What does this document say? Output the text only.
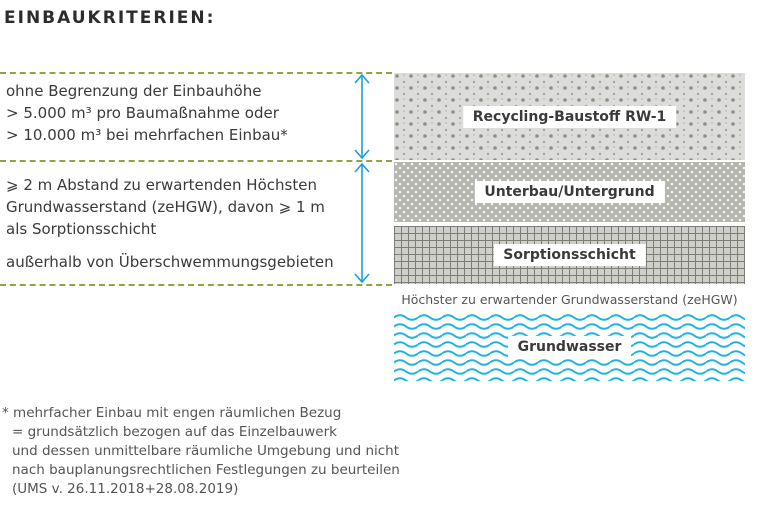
EINBAUKRITERIEN:
ohne Begrenzung der Einbauhöhe
> 5.000 m³ pro Baumaßnahme oder
> 10.000 m³ bei mehrfachen Einbau*
⩾ 2 m Abstand zu erwartenden Höchsten
Grundwasserstand (zeHGW), davon ⩾ 1 m
als Sorptionsschicht
außerhalb von Überschwemmungsgebieten
Recycling-Baustoff RW-1
Unterbau/Untergrund
Sorptionsschicht
Höchster zu erwartender Grundwasserstand (zeHGW)
Grundwasser
* mehrfacher Einbau mit engen räumlichen Bezug
= grundsätzlich bezogen auf das Einzelbauwerk
und dessen unmittelbare räumliche Umgebung und nicht
nach bauplanungsrechtlichen Festlegungen zu beurteilen
(UMS v. 26.11.2018+28.08.2019)
